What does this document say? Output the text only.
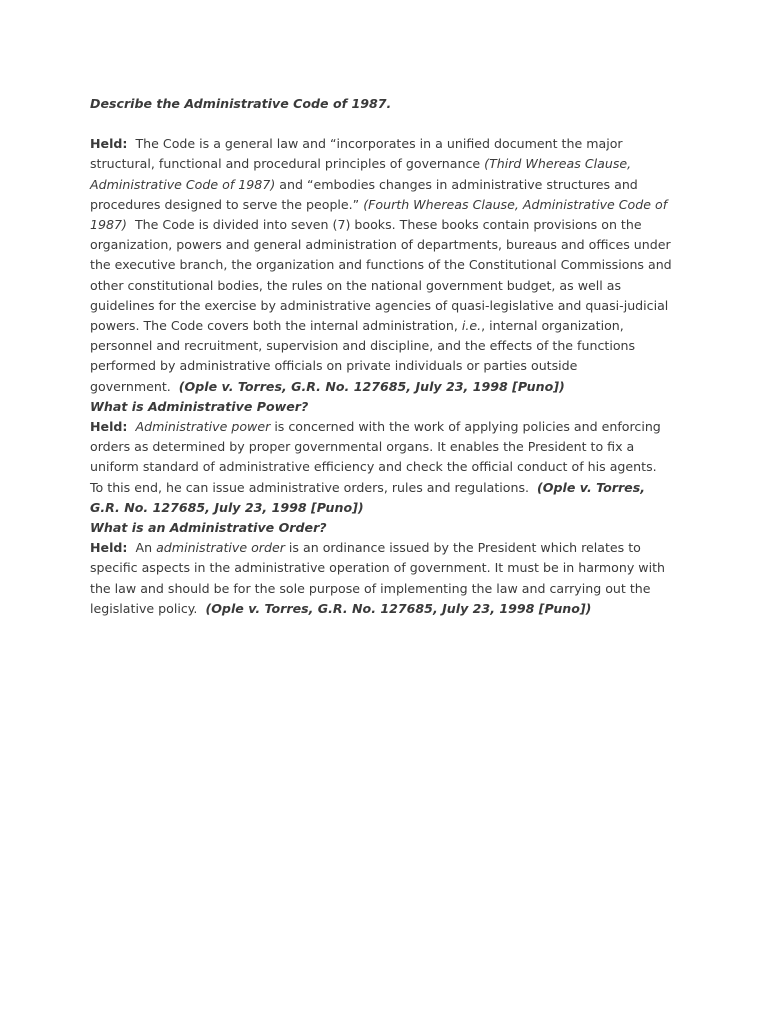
Describe the Administrative Code of 1987.
Held: The Code is a general law and “incorporates in a unified document the major
structural, functional and procedural principles of governance (Third Whereas Clause,
Administrative Code of 1987) and “embodies changes in administrative structures and
procedures designed to serve the people.” (Fourth Whereas Clause, Administrative Code of
1987) The Code is divided into seven (7) books. These books contain provisions on the
organization, powers and general administration of departments, bureaus and offices under
the executive branch, the organization and functions of the Constitutional Commissions and
other constitutional bodies, the rules on the national government budget, as well as
guidelines for the exercise by administrative agencies of quasi-legislative and quasi-judicial
powers. The Code covers both the internal administration, i.e., internal organization,
personnel and recruitment, supervision and discipline, and the effects of the functions
performed by administrative officials on private individuals or parties outside
government. (Ople v. Torres, G.R. No. 127685, July 23, 1998 [Puno])
What is Administrative Power?
Held: Administrative power is concerned with the work of applying policies and enforcing
orders as determined by proper governmental organs. It enables the President to fix a
uniform standard of administrative efficiency and check the official conduct of his agents.
To this end, he can issue administrative orders, rules and regulations. (Ople v. Torres,
G.R. No. 127685, July 23, 1998 [Puno])
What is an Administrative Order?
Held: An administrative order is an ordinance issued by the President which relates to
specific aspects in the administrative operation of government. It must be in harmony with
the law and should be for the sole purpose of implementing the law and carrying out the
legislative policy. (Ople v. Torres, G.R. No. 127685, July 23, 1998 [Puno])
